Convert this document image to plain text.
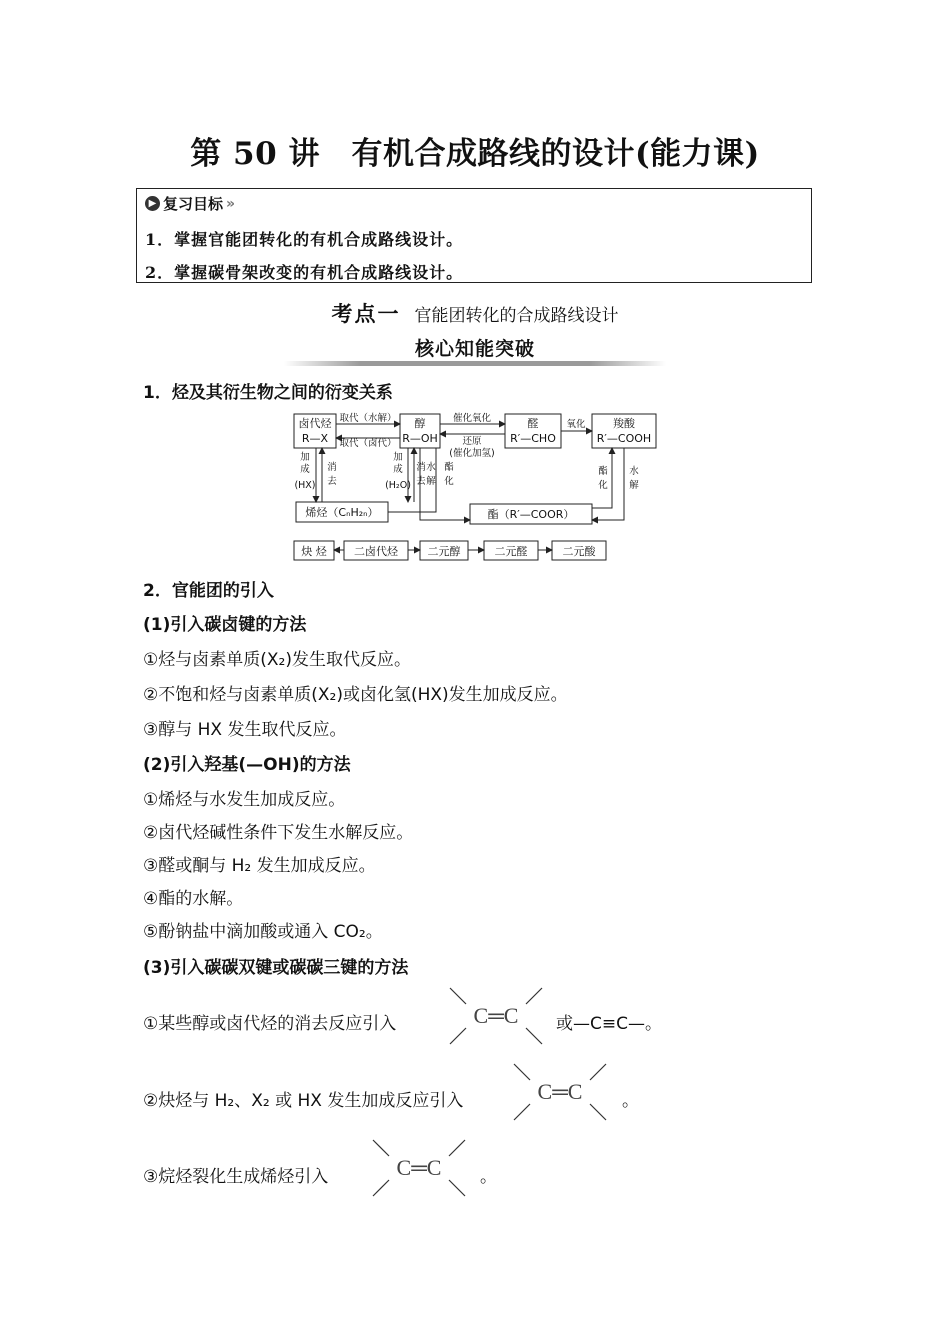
第 50 讲　有机合成路线的设计(能力课)
▶ 复习目标 »
1．掌握官能团转化的有机合成路线设计。
2．掌握碳骨架改变的有机合成路线设计。
考点一 官能团转化的合成路线设计
核心知能突破
1．烃及其衍生物之间的衍变关系
卤代烃
R—X
醇
R—OH
醛
R′—CHO
羧酸
R′—COOH
烯烃（CₙH₂ₙ）	酯（R′—COOR）
炔 烃 二卤代烃	二元醇	二元醛	二元酸
取代（水解）
取代（卤代）
催化氧化
还原
(催化加氢)
氧化
加
成
(HX)
消
去
加
成
(H₂O)
消
去
水
解
酯
化
酯
化
水
解
2．官能团的引入
(1)引入碳卤键的方法
①烃与卤素单质(X₂)发生取代反应。
②不饱和烃与卤素单质(X₂)或卤化氢(HX)发生加成反应。
③醇与 HX 发生取代反应。
(2)引入羟基(—OH)的方法
①烯烃与水发生加成反应。
②卤代烃碱性条件下发生水解反应。
③醛或酮与 H₂ 发生加成反应。
④酯的水解。
⑤酚钠盐中滴加酸或通入 CO₂。
(3)引入碳碳双键或碳碳三键的方法
①某些醇或卤代烃的消去反应引入	C═C 或—C≡C—。
②炔烃与 H₂、X₂ 或 HX 发生加成反应引入	C═C 。
③烷烃裂化生成烯烃引入	C═C 。
